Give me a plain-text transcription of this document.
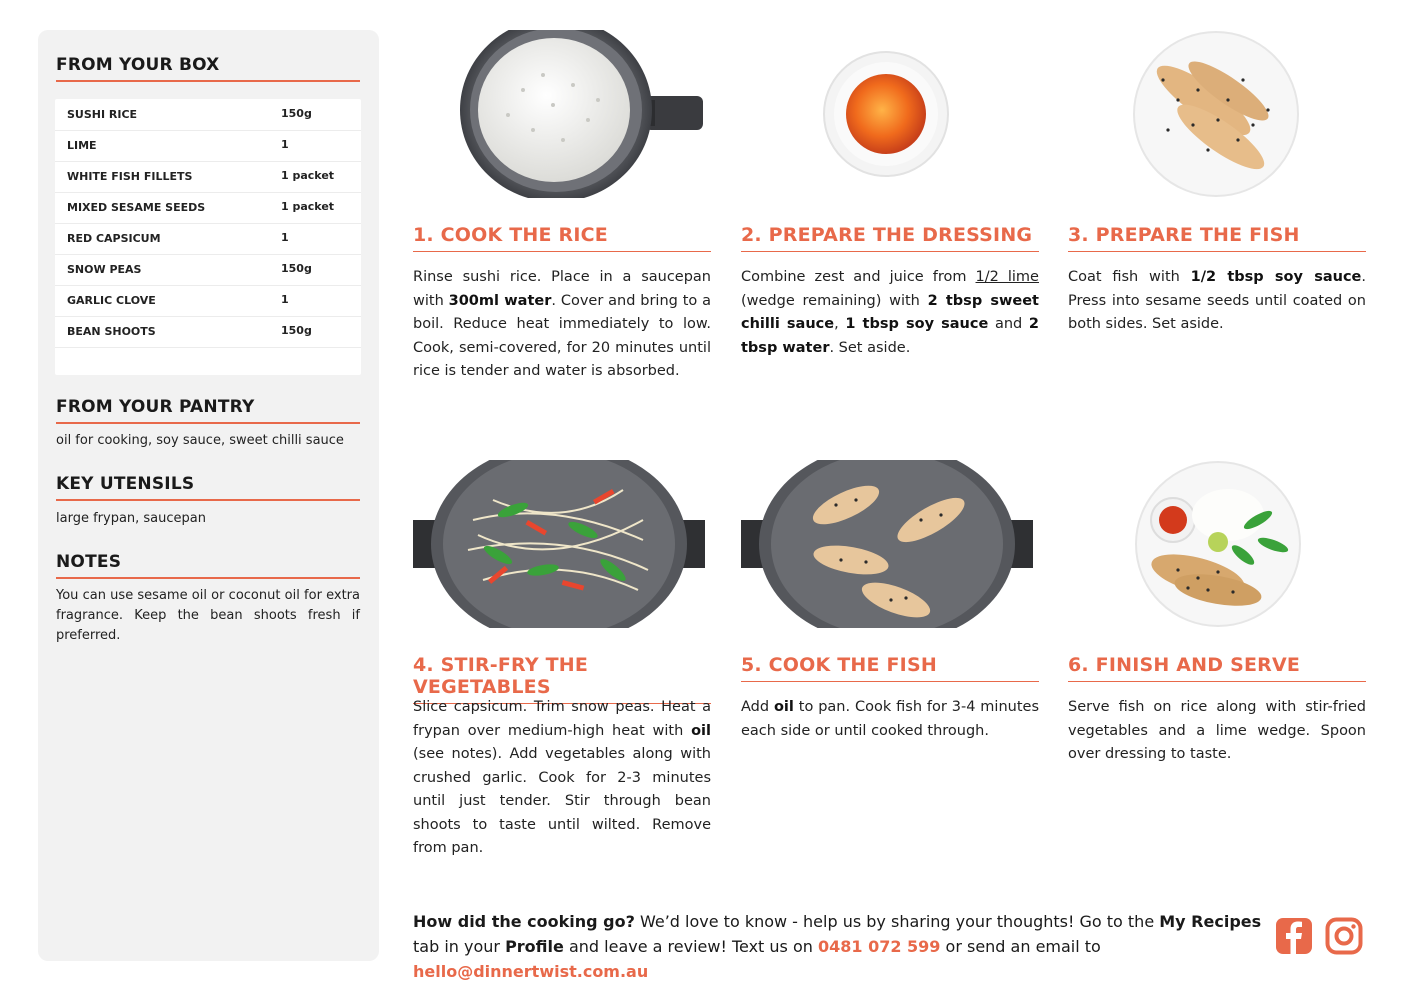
FROM YOUR BOX
SUSHI RICE	150g
LIME	1
WHITE FISH FILLETS	1 packet
MIXED SESAME SEEDS	1 packet
RED CAPSICUM	1
SNOW PEAS	150g
GARLIC CLOVE	1
BEAN SHOOTS	150g
FROM YOUR PANTRY
oil for cooking, soy sauce, sweet chilli sauce
KEY UTENSILS
large frypan, saucepan
NOTES
You can use sesame oil or coconut oil for extra fragrance. Keep the bean shoots fresh if preferred.
1. COOK THE RICE
Rinse sushi rice. Place in a saucepan with 300ml water. Cover and bring to a boil. Reduce heat immediately to low. Cook, semi-covered, for 20 minutes until rice is tender and water is absorbed.
2. PREPARE THE DRESSING
Combine zest and juice from 1/2 lime (wedge remaining) with 2 tbsp sweet chilli sauce, 1 tbsp soy sauce and 2 tbsp water. Set aside.
3. PREPARE THE FISH
Coat fish with 1/2 tbsp soy sauce. Press into sesame seeds until coated on both sides. Set aside.
4. STIR-FRY THE VEGETABLES
Slice capsicum. Trim snow peas. Heat a frypan over medium-high heat with oil (see notes). Add vegetables along with crushed garlic. Cook for 2-3 minutes until just tender. Stir through bean shoots to taste until wilted. Remove from pan.
5. COOK THE FISH
Add oil to pan. Cook fish for 3-4 minutes each side or until cooked through.
6. FINISH AND SERVE
Serve fish on rice along with stir-fried vegetables and a lime wedge. Spoon over dressing to taste.
How did the cooking go? We’d love to know - help us by sharing your thoughts! Go to the My Recipes tab in your Profile and leave a review! Text us on 0481 072 599 or send an email to hello@dinnertwist.com.au
